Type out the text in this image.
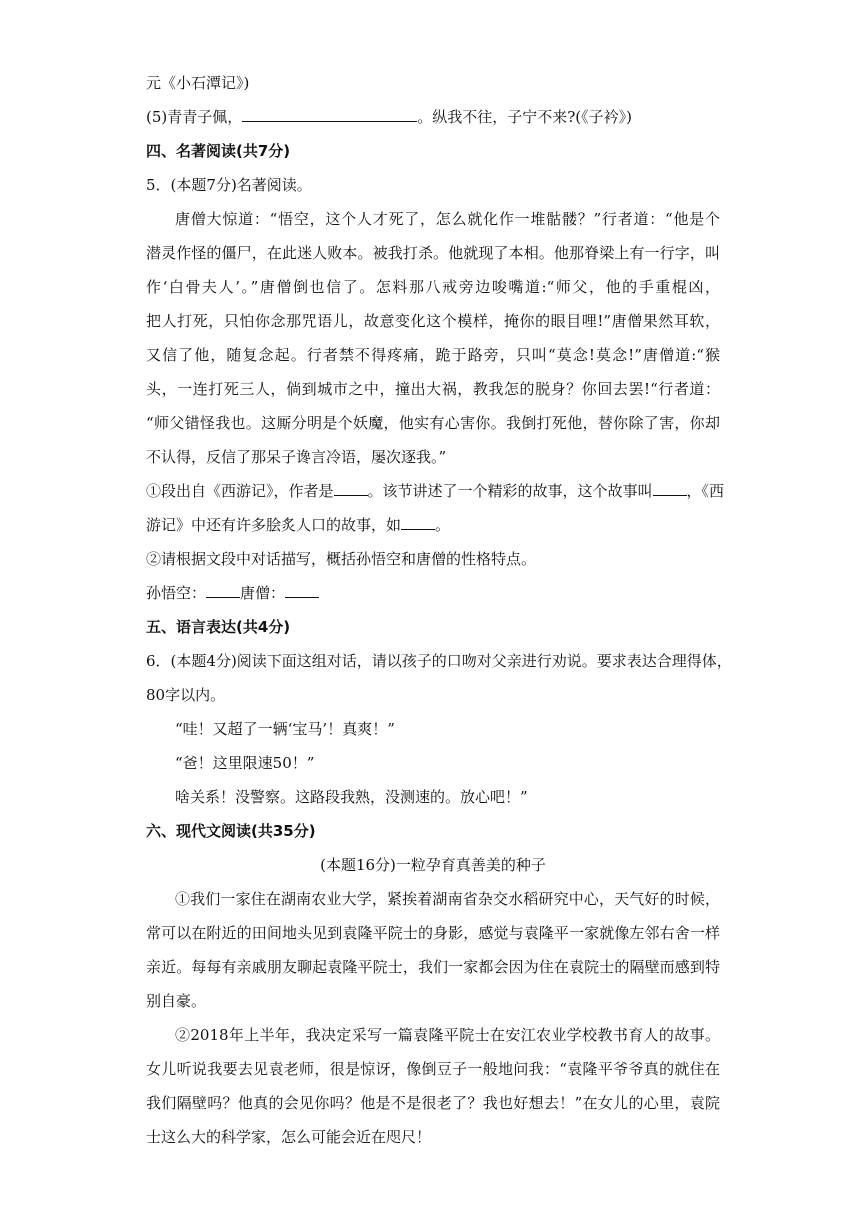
元《小石潭记》)
(5)青青子佩，	。纵我不往，子宁不来?(《子衿》)
四、名著阅读(共7分)
5．(本题7分)名著阅读。
唐僧大惊道：“悟空，这个人才死了，怎么就化作一堆骷髅？”行者道：“他是个
潜灵作怪的僵尸，在此迷人败本。被我打杀。他就现了本相。他那脊梁上有一行字，叫
作‘白骨夫人’。”唐僧倒也信了。怎料那八戒旁边唆嘴道:“师父，他的手重棍凶，
把人打死，只怕你念那咒语儿，故意变化这个模样，掩你的眼目哩!”唐僧果然耳软，
又信了他，随复念起。行者禁不得疼痛，跪于路旁，只叫“莫念!莫念!”唐僧道:“猴
头，一连打死三人，倘到城市之中，撞出大祸，教我怎的脱身？你回去罢!“行者道：
“师父错怪我也。这厮分明是个妖魔，他实有心害你。我倒打死他，替你除了害，你却
不认得，反信了那呆子谗言冷语，屡次逐我。”
①段出自《西游记》，作者是 。该节讲述了一个精彩的故事，这个故事叫 ，《西
游记》中还有许多脍炙人口的故事，如 。
②请根据文段中对话描写，概括孙悟空和唐僧的性格特点。
孙悟空： 唐僧：
五、语言表达(共4分)
6．(本题4分)阅读下面这组对话，请以孩子的口吻对父亲进行劝说。要求表达合理得体，
80字以内。
“哇！又超了一辆‘宝马’！真爽！”
“爸！这里限速50！”
啥关系！没警察。这路段我熟，没测速的。放心吧！”
六、现代文阅读(共35分)
(本题16分)一粒孕育真善美的种子
①我们一家住在湖南农业大学，紧挨着湖南省杂交水稻研究中心，天气好的时候，
常可以在附近的田间地头见到袁隆平院士的身影，感觉与袁隆平一家就像左邻右舍一样
亲近。每每有亲戚朋友聊起袁隆平院士，我们一家都会因为住在袁院士的隔壁而感到特
别自豪。
②2018年上半年，我决定采写一篇袁隆平院士在安江农业学校教书育人的故事。
女儿听说我要去见袁老师，很是惊讶，像倒豆子一般地问我：“袁隆平爷爷真的就住在
我们隔壁吗？他真的会见你吗？他是不是很老了？我也好想去！”在女儿的心里，袁院
士这么大的科学家，怎么可能会近在咫尺！
